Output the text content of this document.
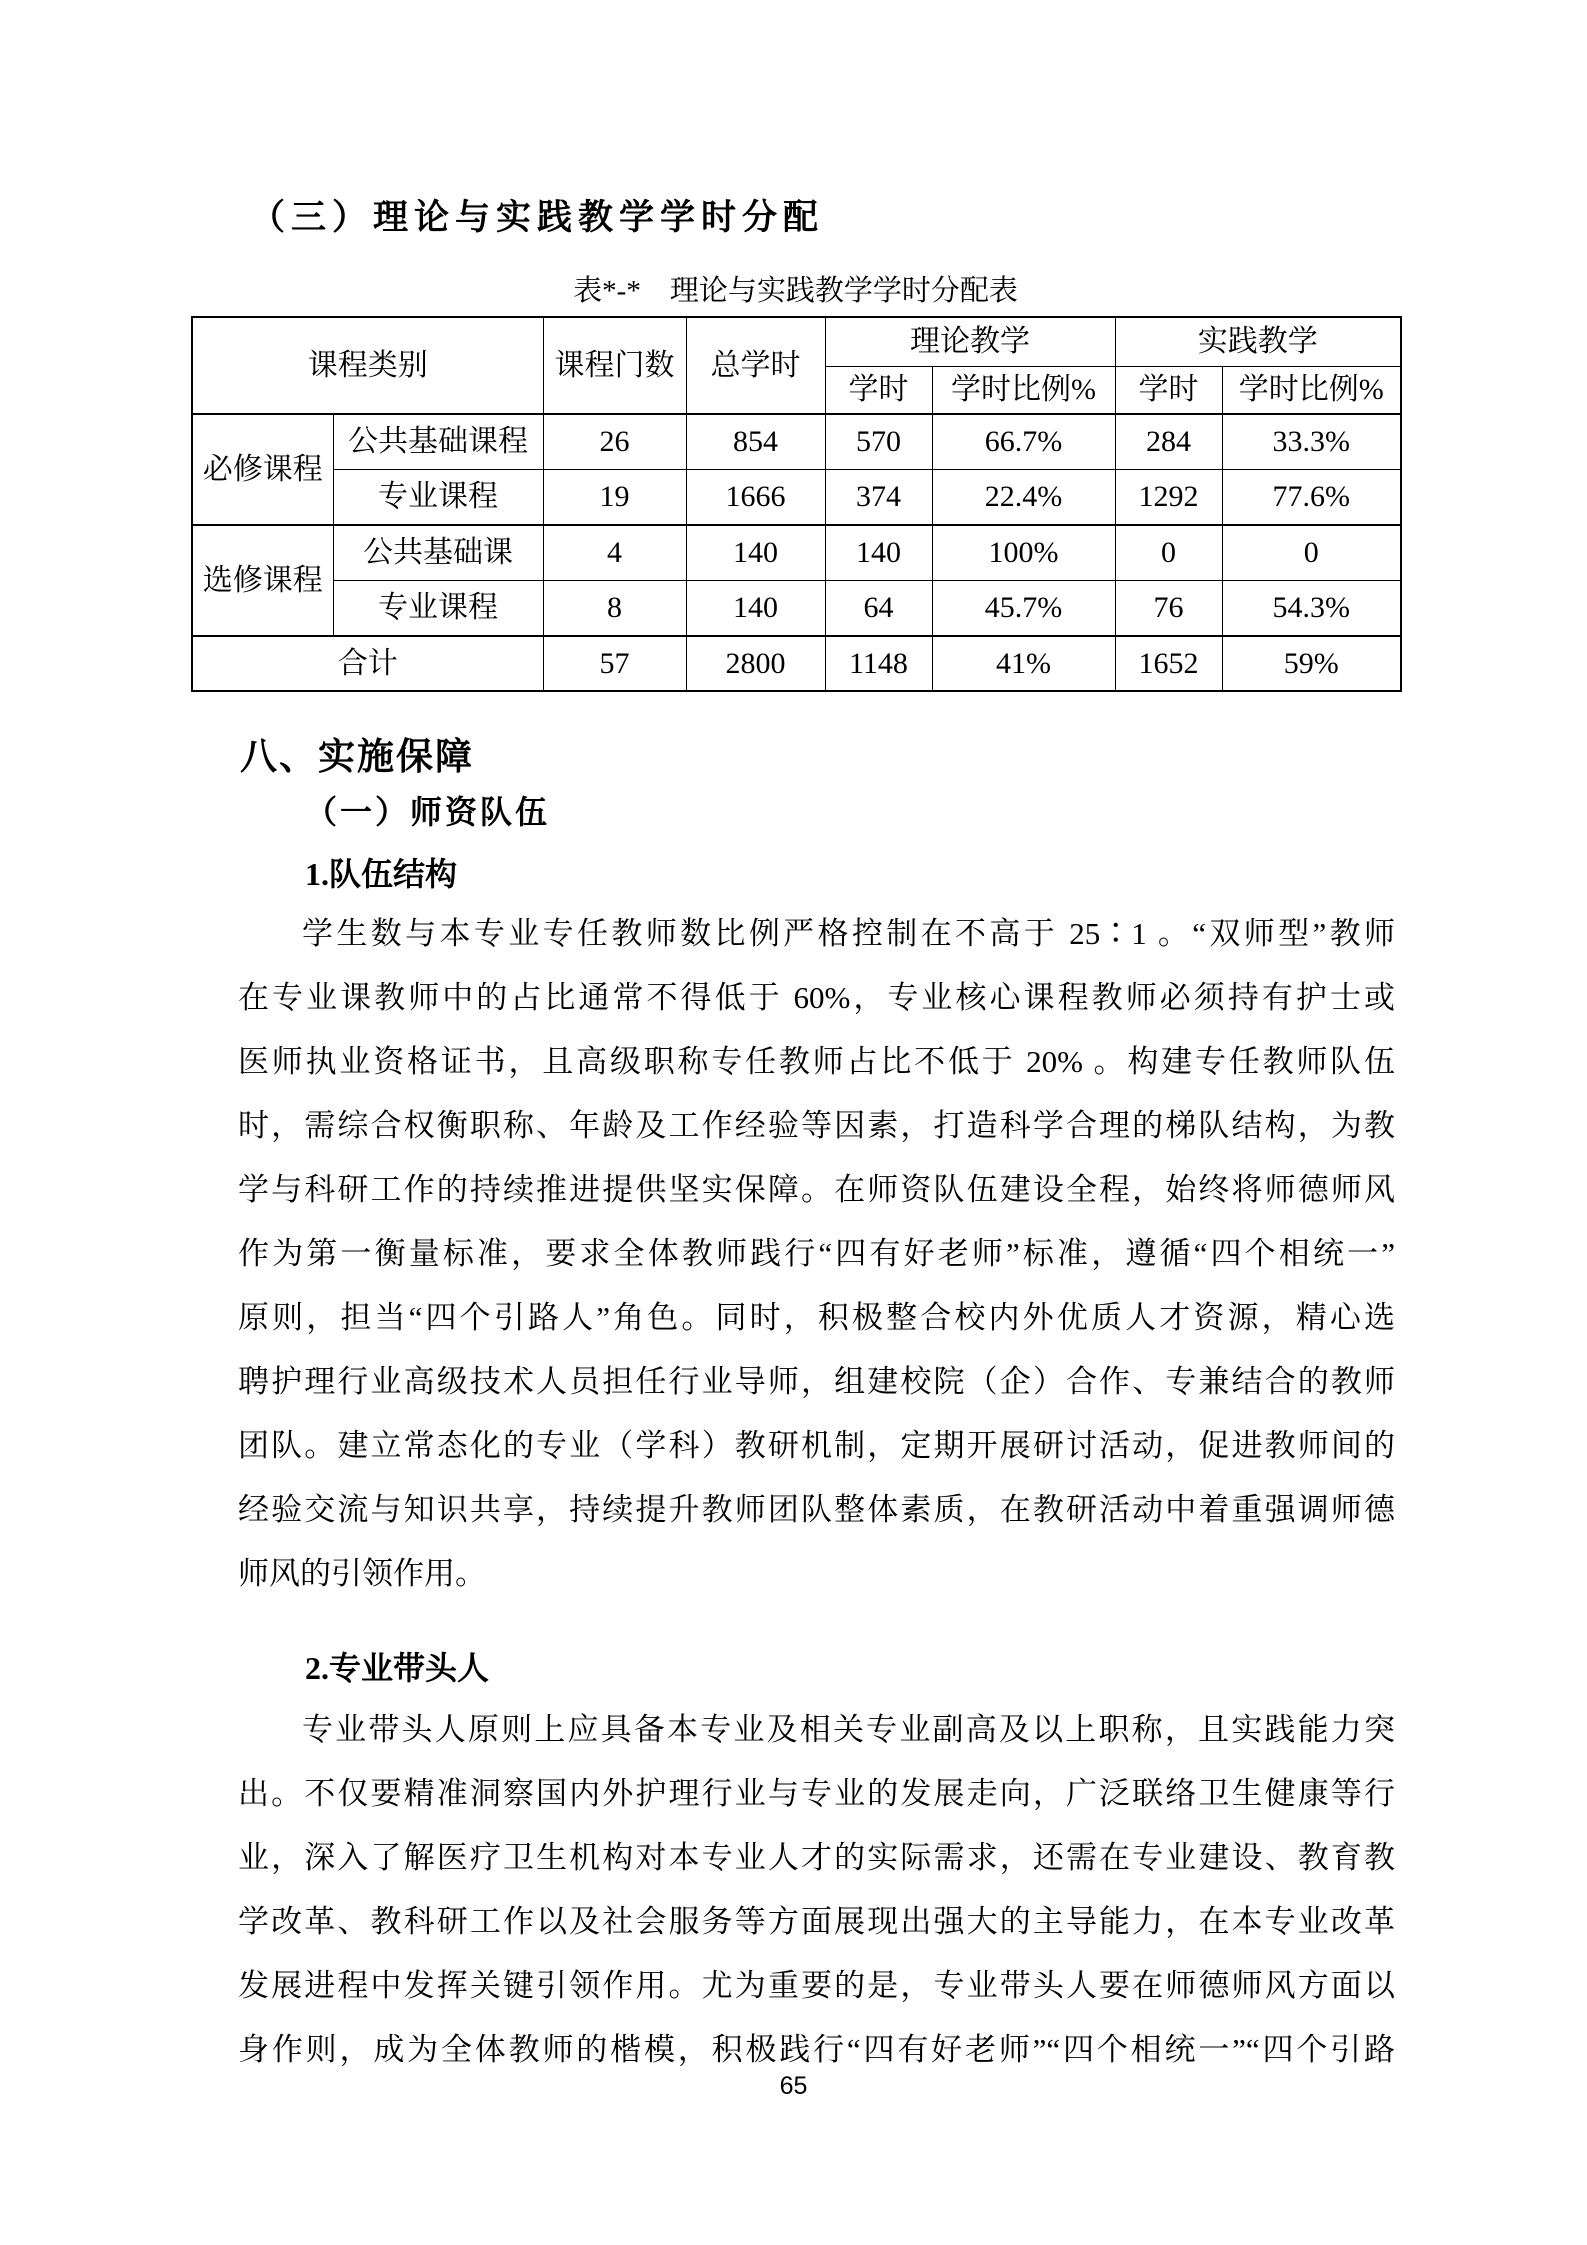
（三）理论与实践教学学时分配
表*-*　理论与实践教学学时分配表
课程类别		课程门数	总学时	理论教学		实践教学	
				学时	学时比例%	学时	学时比例%
必修课程	公共基础课程	26	854	570	66.7%	284	33.3%
	专业课程	19	1666	374	22.4%	1292	77.6%
选修课程	公共基础课	4	140	140	100%	0	0
	专业课程	8	140	64	45.7%	76	54.3%
合计		57	2800	1148	41%	1652	59%
八、实施保障
（一）师资队伍
1.队伍结构
学生数与本专业专任教师数比例严格控制在不高于 25∶1 。“双师型”教师
在专业课教师中的占比通常不得低于 60%，专业核心课程教师必须持有护士或
医师执业资格证书，且高级职称专任教师占比不低于 20% 。构建专任教师队伍
时，需综合权衡职称、年龄及工作经验等因素，打造科学合理的梯队结构，为教
学与科研工作的持续推进提供坚实保障。在师资队伍建设全程，始终将师德师风
作为第一衡量标准，要求全体教师践行“四有好老师”标准，遵循“四个相统一”
原则，担当“四个引路人”角色。同时，积极整合校内外优质人才资源，精心选
聘护理行业高级技术人员担任行业导师，组建校院（企）合作、专兼结合的教师
团队。建立常态化的专业（学科）教研机制，定期开展研讨活动，促进教师间的
经验交流与知识共享，持续提升教师团队整体素质，在教研活动中着重强调师德
师风的引领作用。
2.专业带头人
专业带头人原则上应具备本专业及相关专业副高及以上职称，且实践能力突
出。不仅要精准洞察国内外护理行业与专业的发展走向，广泛联络卫生健康等行
业，深入了解医疗卫生机构对本专业人才的实际需求，还需在专业建设、教育教
学改革、教科研工作以及社会服务等方面展现出强大的主导能力，在本专业改革
发展进程中发挥关键引领作用。尤为重要的是，专业带头人要在师德师风方面以
身作则，成为全体教师的楷模，积极践行“四有好老师”“四个相统一”“四个引路
65
